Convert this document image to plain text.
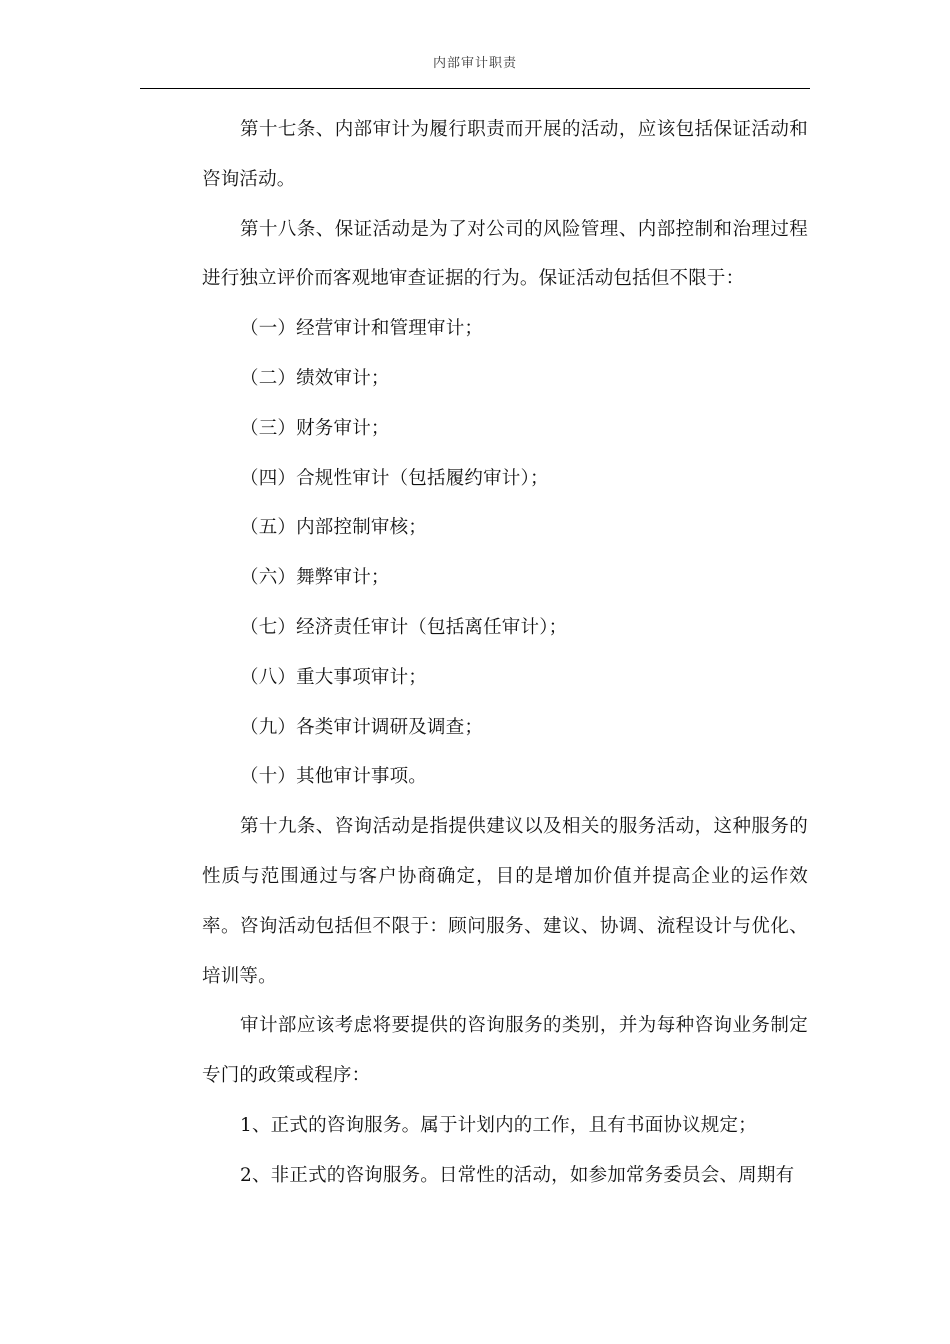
内部审计职责

第十七条、内部审计为履行职责而开展的活动，应该包括保证活动和咨询活动。

第十八条、保证活动是为了对公司的风险管理、内部控制和治理过程进行独立评价而客观地审查证据的行为。保证活动包括但不限于：

（一）经营审计和管理审计；

（二）绩效审计；

（三）财务审计；

（四）合规性审计（包括履约审计）；

（五）内部控制审核；

（六）舞弊审计；

（七）经济责任审计（包括离任审计）；

（八）重大事项审计；

（九）各类审计调研及调查；

（十）其他审计事项。

第十九条、咨询活动是指提供建议以及相关的服务活动，这种服务的性质与范围通过与客户协商确定，目的是增加价值并提高企业的运作效率。咨询活动包括但不限于：顾问服务、建议、协调、流程设计与优化、培训等。

审计部应该考虑将要提供的咨询服务的类别，并为每种咨询业务制定专门的政策或程序：

1、正式的咨询服务。属于计划内的工作，且有书面协议规定；

2、非正式的咨询服务。日常性的活动，如参加常务委员会、周期有
